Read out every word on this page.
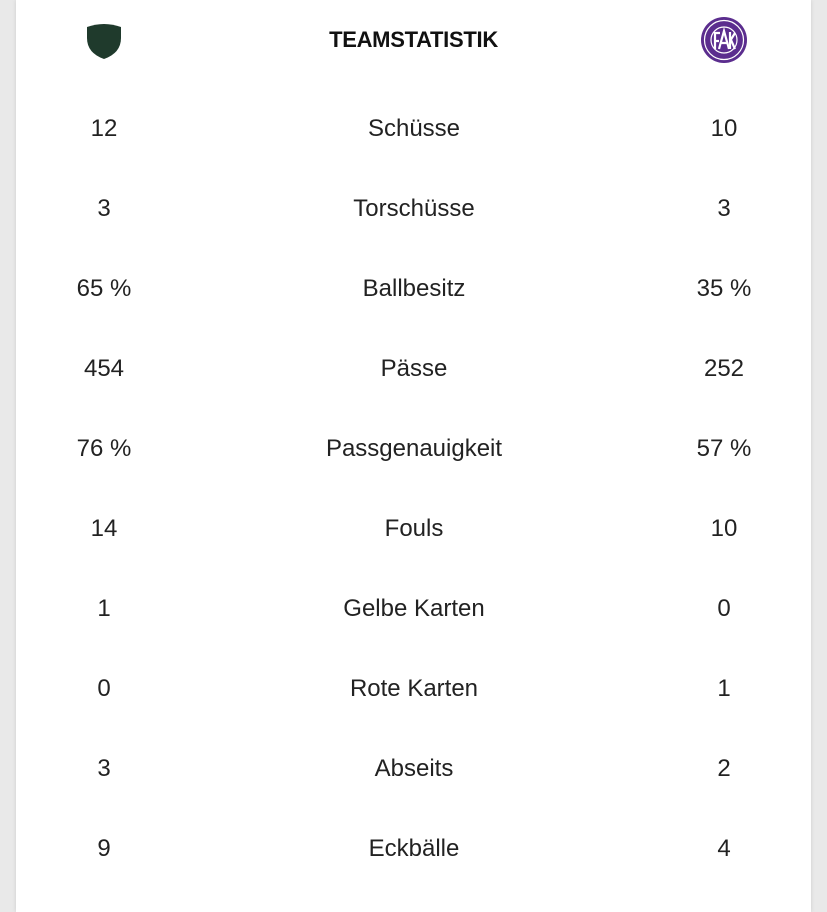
TEAMSTATISTIK
12	Schüsse	10
3	Torschüsse	3
65 %	Ballbesitz	35 %
454	Pässe	252
76 %	Passgenauigkeit	57 %
14	Fouls	10
1	Gelbe Karten	0
0	Rote Karten	1
3	Abseits	2
9	Eckbälle	4
